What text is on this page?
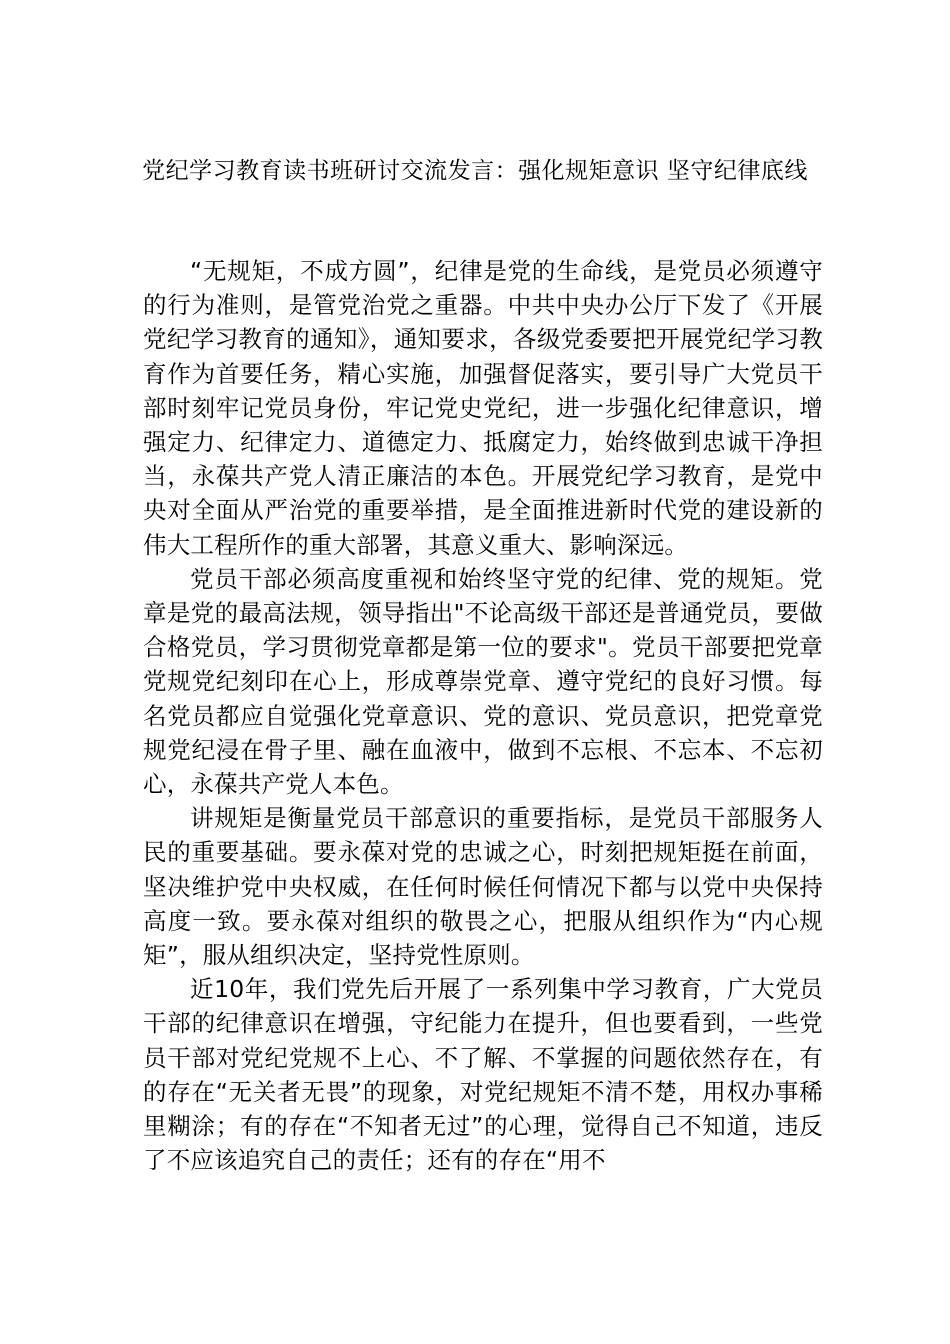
党纪学习教育读书班研讨交流发言：强化规矩意识 坚守纪律底线

“无规矩，不成方圆”，纪律是党的生命线，是党员必须遵守的行为准则，是管党治党之重器。中共中央办公厅下发了《开展党纪学习教育的通知》，通知要求，各级党委要把开展党纪学习教育作为首要任务，精心实施，加强督促落实，要引导广大党员干部时刻牢记党员身份，牢记党史党纪，进一步强化纪律意识，增强定力、纪律定力、道德定力、抵腐定力，始终做到忠诚干净担当，永葆共产党人清正廉洁的本色。开展党纪学习教育，是党中央对全面从严治党的重要举措，是全面推进新时代党的建设新的伟大工程所作的重大部署，其意义重大、影响深远。

党员干部必须高度重视和始终坚守党的纪律、党的规矩。党章是党的最高法规，领导指出"不论高级干部还是普通党员，要做合格党员，学习贯彻党章都是第一位的要求"。党员干部要把党章党规党纪刻印在心上，形成尊崇党章、遵守党纪的良好习惯。每名党员都应自觉强化党章意识、党的意识、党员意识，把党章党规党纪浸在骨子里、融在血液中，做到不忘根、不忘本、不忘初心，永葆共产党人本色。

讲规矩是衡量党员干部意识的重要指标，是党员干部服务人民的重要基础。要永葆对党的忠诚之心，时刻把规矩挺在前面，坚决维护党中央权威，在任何时候任何情况下都与以党中央保持高度一致。要永葆对组织的敬畏之心，把服从组织作为“内心规矩”，服从组织决定，坚持党性原则。

近10年，我们党先后开展了一系列集中学习教育，广大党员干部的纪律意识在增强，守纪能力在提升，但也要看到，一些党员干部对党纪党规不上心、不了解、不掌握的问题依然存在，有的存在“无关者无畏”的现象，对党纪规矩不清不楚，用权办事稀里糊涂；有的存在“不知者无过”的心理，觉得自己不知道，违反了不应该追究自己的责任；还有的存在“用不
